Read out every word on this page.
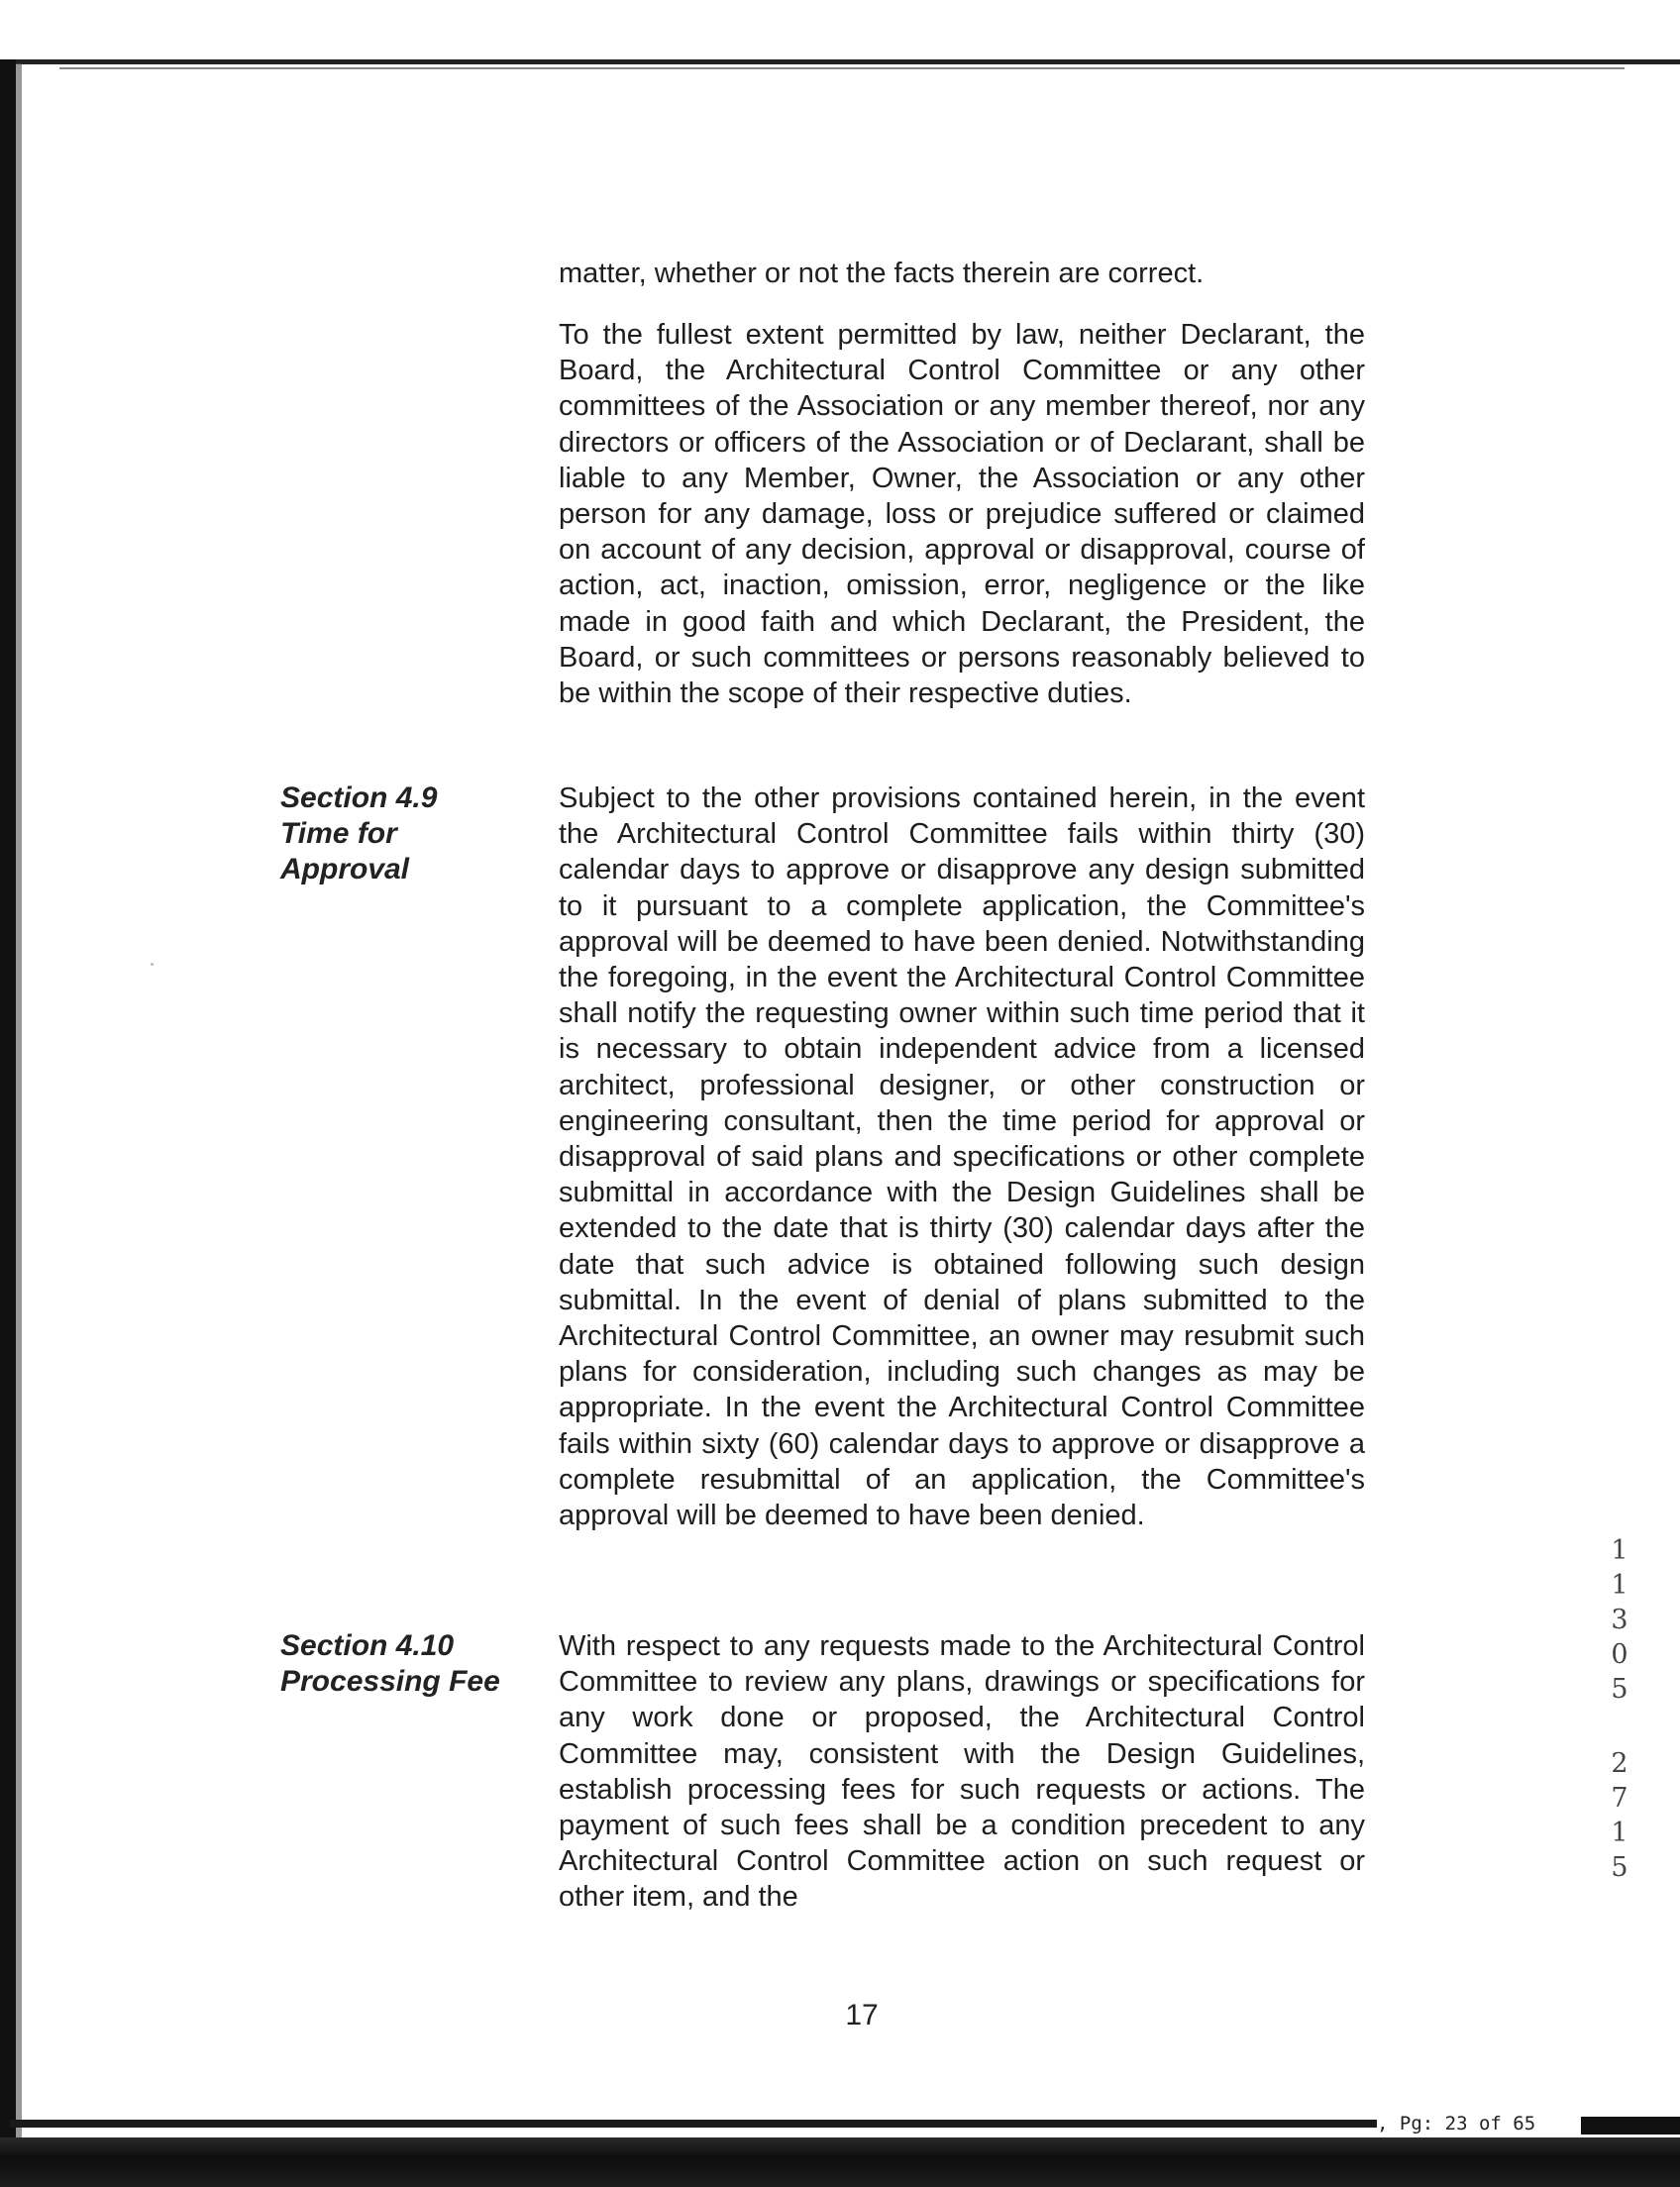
matter, whether or not the facts therein are correct.

To the fullest extent permitted by law, neither Declarant, the Board, the Architectural Control Committee or any other committees of the Association or any member thereof, nor any directors or officers of the Association or of Declarant, shall be liable to any Member, Owner, the Association or any other person for any damage, loss or prejudice suffered or claimed on account of any decision, approval or disapproval, course of action, act, inaction, omission, error, negligence or the like made in good faith and which Declarant, the President, the Board, or such committees or persons reasonably believed to be within the scope of their respective duties.

Section 4.9
Time for
Approval

Subject to the other provisions contained herein, in the event the Architectural Control Committee fails within thirty (30) calendar days to approve or disapprove any design submitted to it pursuant to a complete application, the Committee's approval will be deemed to have been denied. Notwithstanding the foregoing, in the event the Architectural Control Committee shall notify the requesting owner within such time period that it is necessary to obtain independent advice from a licensed architect, professional designer, or other construction or engineering consultant, then the time period for approval or disapproval of said plans and specifications or other complete submittal in accordance with the Design Guidelines shall be extended to the date that is thirty (30) calendar days after the date that such advice is obtained following such design submittal. In the event of denial of plans submitted to the Architectural Control Committee, an owner may resubmit such plans for consideration, including such changes as may be appropriate. In the event the Architectural Control Committee fails within sixty (60) calendar days to approve or disapprove a complete resubmittal of an application, the Committee's approval will be deemed to have been denied.

Section 4.10
Processing Fee

With respect to any requests made to the Architectural Control Committee to review any plans, drawings or specifications for any work done or proposed, the Architectural Control Committee may, consistent with the Design Guidelines, establish processing fees for such requests or actions. The payment of such fees shall be a condition precedent to any Architectural Control Committee action on such request or other item, and the

17
1
1
3
0
5
2
7
1
5
, Pg: 23 of 65
